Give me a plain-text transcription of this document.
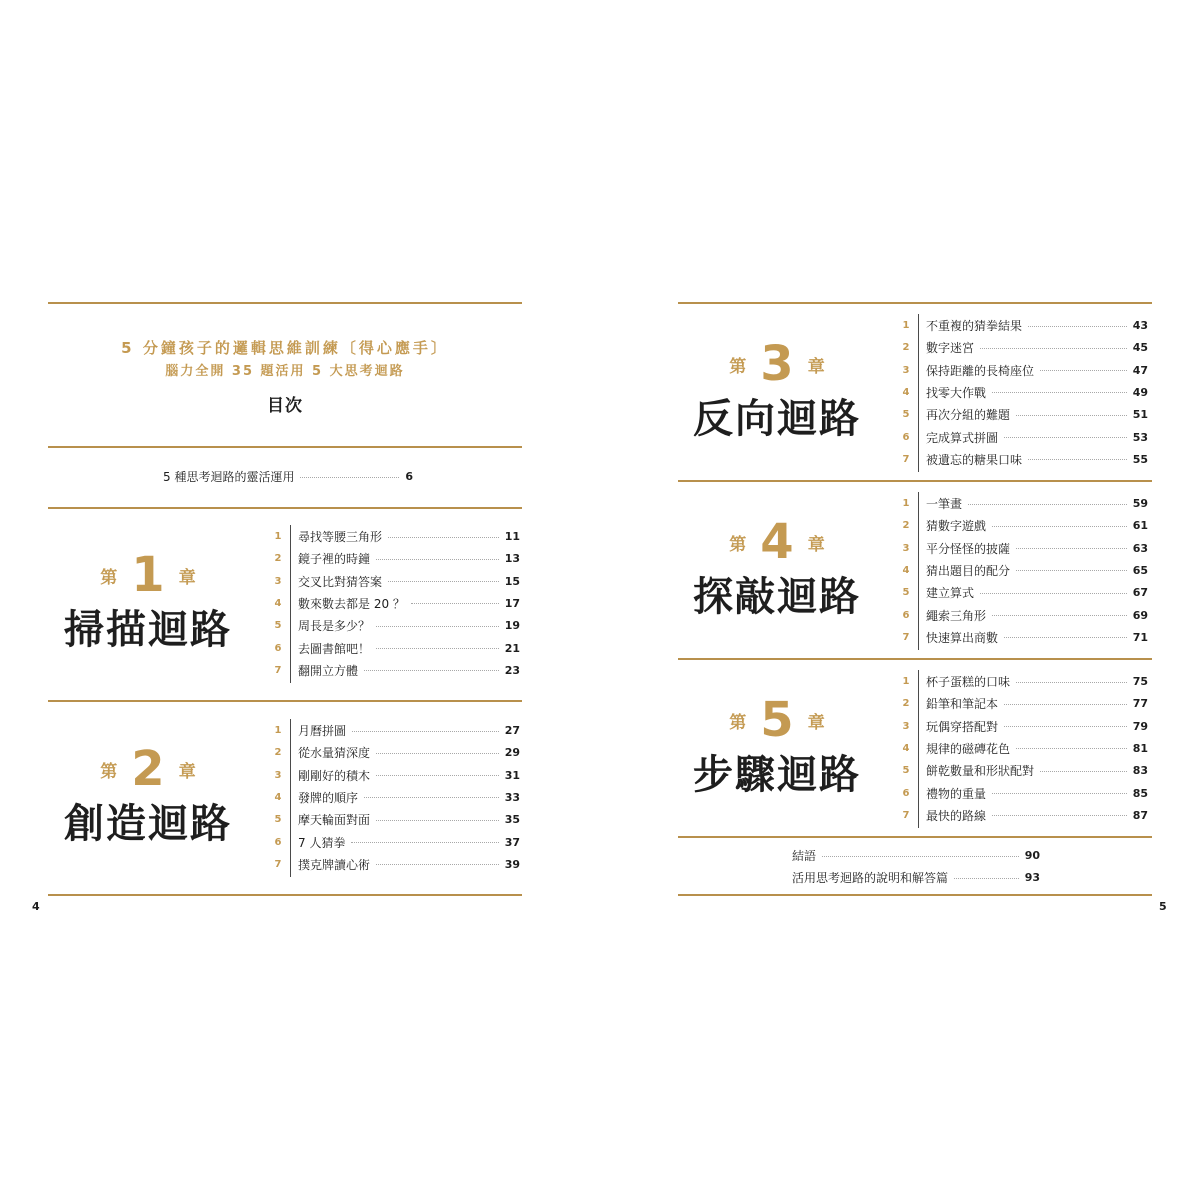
5 分鐘孩子的邏輯思維訓練〔得心應手〕
腦力全開 35 題活用 5 大思考迴路
目次
5 種思考迴路的靈活運用	6
4
結語	90
活用思考迴路的說明和解答篇	93
5
第 1 章
掃描迴路
1 尋找等腰三角形	11
2 鏡子裡的時鐘	13
3 交叉比對猜答案	15
4 數來數去都是 20 ？	17
5 周長是多少？	19
6 去圖書館吧！	21
7 翻開立方體	23
第 2 章
創造迴路
1 月曆拼圖	27
2 從水量猜深度	29
3 剛剛好的積木	31
4 發牌的順序	33
5 摩天輪面對面	35
6 7 人猜拳	37
7 撲克牌讀心術	39
第 3 章
反向迴路
1 不重複的猜拳結果	43
2 數字迷宮	45
3 保持距離的長椅座位	47
4 找零大作戰	49
5 再次分組的難題	51
6 完成算式拼圖	53
7 被遺忘的糖果口味	55
第 4 章
探敲迴路
1 一筆畫	59
2 猜數字遊戲	61
3 平分怪怪的披薩	63
4 猜出題目的配分	65
5 建立算式	67
6 繩索三角形	69
7 快速算出商數	71
第 5 章
步驟迴路
1 杯子蛋糕的口味	75
2 鉛筆和筆記本	77
3 玩偶穿搭配對	79
4 規律的磁磚花色	81
5 餅乾數量和形狀配對	83
6 禮物的重量	85
7 最快的路線	87
